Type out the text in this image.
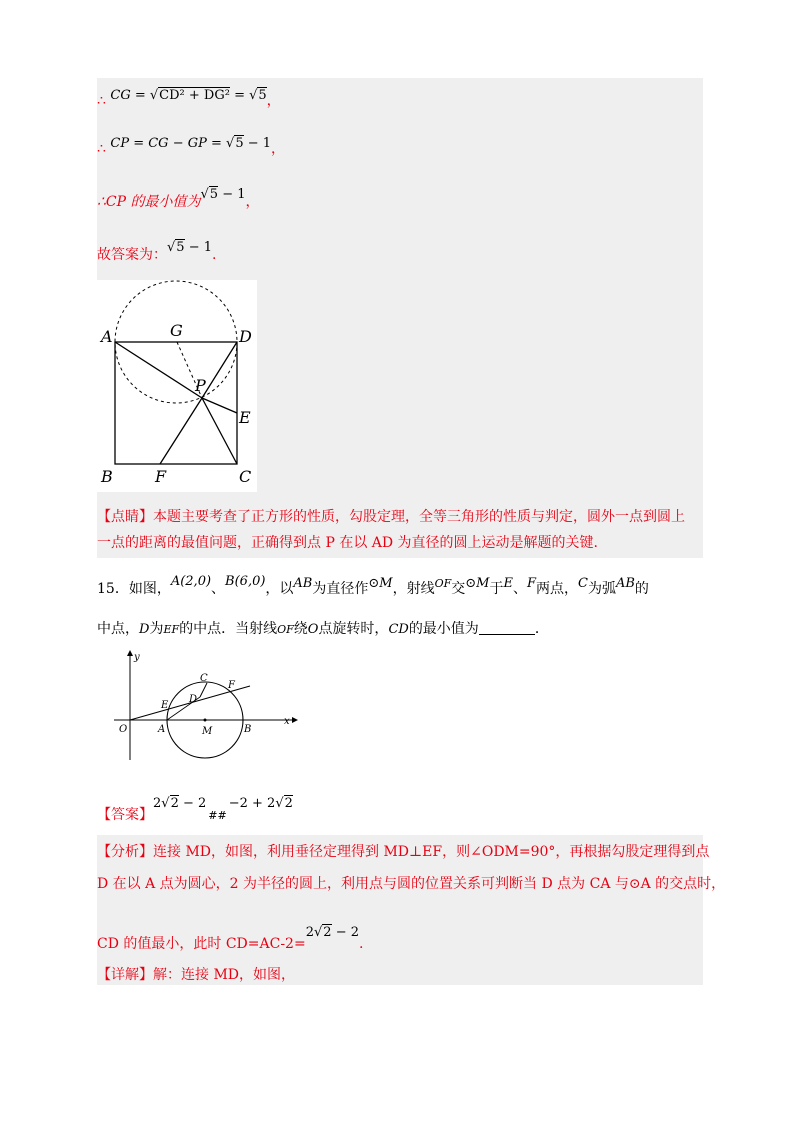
∴ CG = √CD² + DG² = √5，
∴ CP = CG − GP = √5 − 1，
∴CP 的最小值为√5 − 1，
故答案为：√5 − 1.
A	G	D
P
E
B	F	C
【点睛】本题主要考查了正方形的性质，勾股定理，全等三角形的性质与判定，圆外一点到圆上
一点的距离的最值问题，正确得到点 P 在以 AD 为直径的圆上运动是解题的关键.
15．如图，A(2,0)、B(6,0)，以AB为直径作⊙M，射线$^{OF}$交⊙M于E、F两点，C为弧AB的
中点，D为EF的中点．当射线OF绕O点旋转时，CD的最小值为	．
y
x
O	A	M	B
C
D
E
F
【答案】2√2 − 2##−2 + 2√2
【分析】连接 MD，如图，利用垂径定理得到 MD⊥EF，则∠ODM=90°，再根据勾股定理得到点
D 在以 A 点为圆心，2 为半径的圆上，利用点与圆的位置关系可判断当 D 点为 CA 与⊙A 的交点时，
CD 的值最小，此时 CD=AC-2=2√2 − 2.
【详解】解：连接 MD，如图，
